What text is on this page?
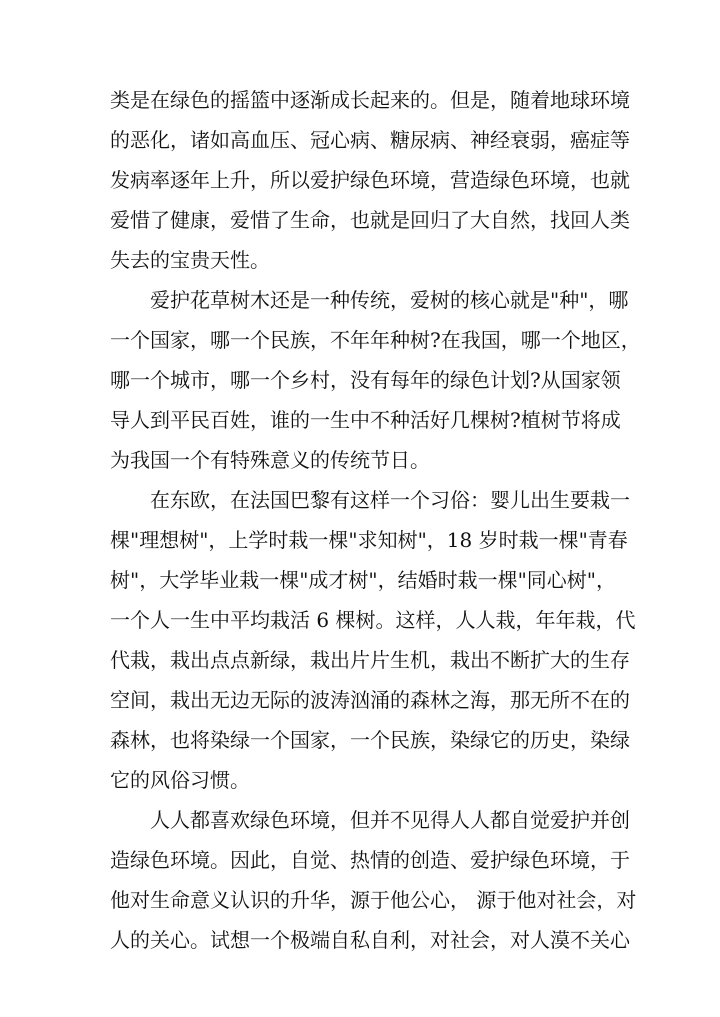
类是在绿色的摇篮中逐渐成长起来的。但是，随着地球环境
的恶化，诸如高血压、冠心病、糖尿病、神经衰弱，癌症等
发病率逐年上升，所以爱护绿色环境，营造绿色环境，也就
爱惜了健康，爱惜了生命，也就是回归了大自然，找回人类
失去的宝贵天性。
爱护花草树木还是一种传统，爱树的核心就是"种"，哪
一个国家，哪一个民族，不年年种树?在我国，哪一个地区，
哪一个城市，哪一个乡村，没有每年的绿色计划?从国家领
导人到平民百姓，谁的一生中不种活好几棵树?植树节将成
为我国一个有特殊意义的传统节日。
在东欧，在法国巴黎有这样一个习俗：婴儿出生要栽一
棵"理想树"，上学时栽一棵"求知树"，18 岁时栽一棵"青春
树"，大学毕业栽一棵"成才树"，结婚时栽一棵"同心树"，
一个人一生中平均栽活 6 棵树。这样，人人栽，年年栽，代
代栽，栽出点点新绿，栽出片片生机，栽出不断扩大的生存
空间，栽出无边无际的波涛汹涌的森林之海，那无所不在的
森林，也将染绿一个国家，一个民族，染绿它的历史，染绿
它的风俗习惯。
人人都喜欢绿色环境，但并不见得人人都自觉爱护并创
造绿色环境。因此，自觉、热情的创造、爱护绿色环境，于
他对生命意义认识的升华，源于他公心， 源于他对社会，对
人的关心。试想一个极端自私自利，对社会，对人漠不关心
